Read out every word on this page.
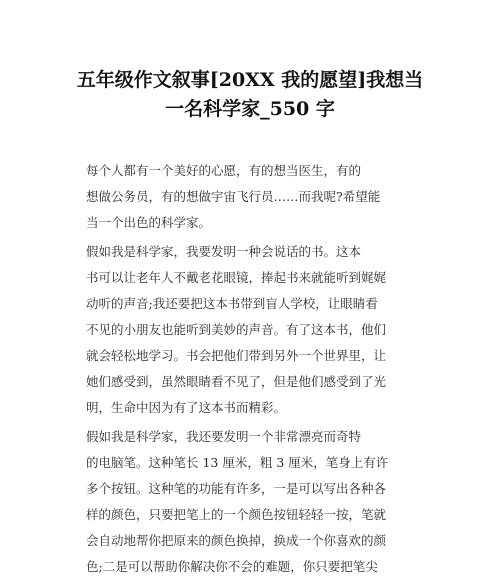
五年级作文叙事[20XX 我的愿望]我想当
一名科学家_550 字
每个人都有一个美好的心愿，有的想当医生，有的
想做公务员，有的想做宇宙飞行员……而我呢?希望能
当一个出色的科学家。
假如我是科学家，我要发明一种会说话的书。这本
书可以让老年人不戴老花眼镜，捧起书来就能听到娓娓
动听的声音;我还要把这本书带到盲人学校，让眼睛看
不见的小朋友也能听到美妙的声音。有了这本书，他们
就会轻松地学习。书会把他们带到另外一个世界里，让
她们感受到，虽然眼睛看不见了，但是他们感受到了光
明，生命中因为有了这本书而精彩。
假如我是科学家，我还要发明一个非常漂亮而奇特
的电脑笔。这种笔长 13 厘米，粗 3 厘米，笔身上有许
多个按钮。这种笔的功能有许多，一是可以写出各种各
样的颜色，只要把笔上的一个颜色按钮轻轻一按，笔就
会自动地帮你把原来的颜色换掉，换成一个你喜欢的颜
色;二是可以帮助你解决你不会的难题，你只要把笔尖
